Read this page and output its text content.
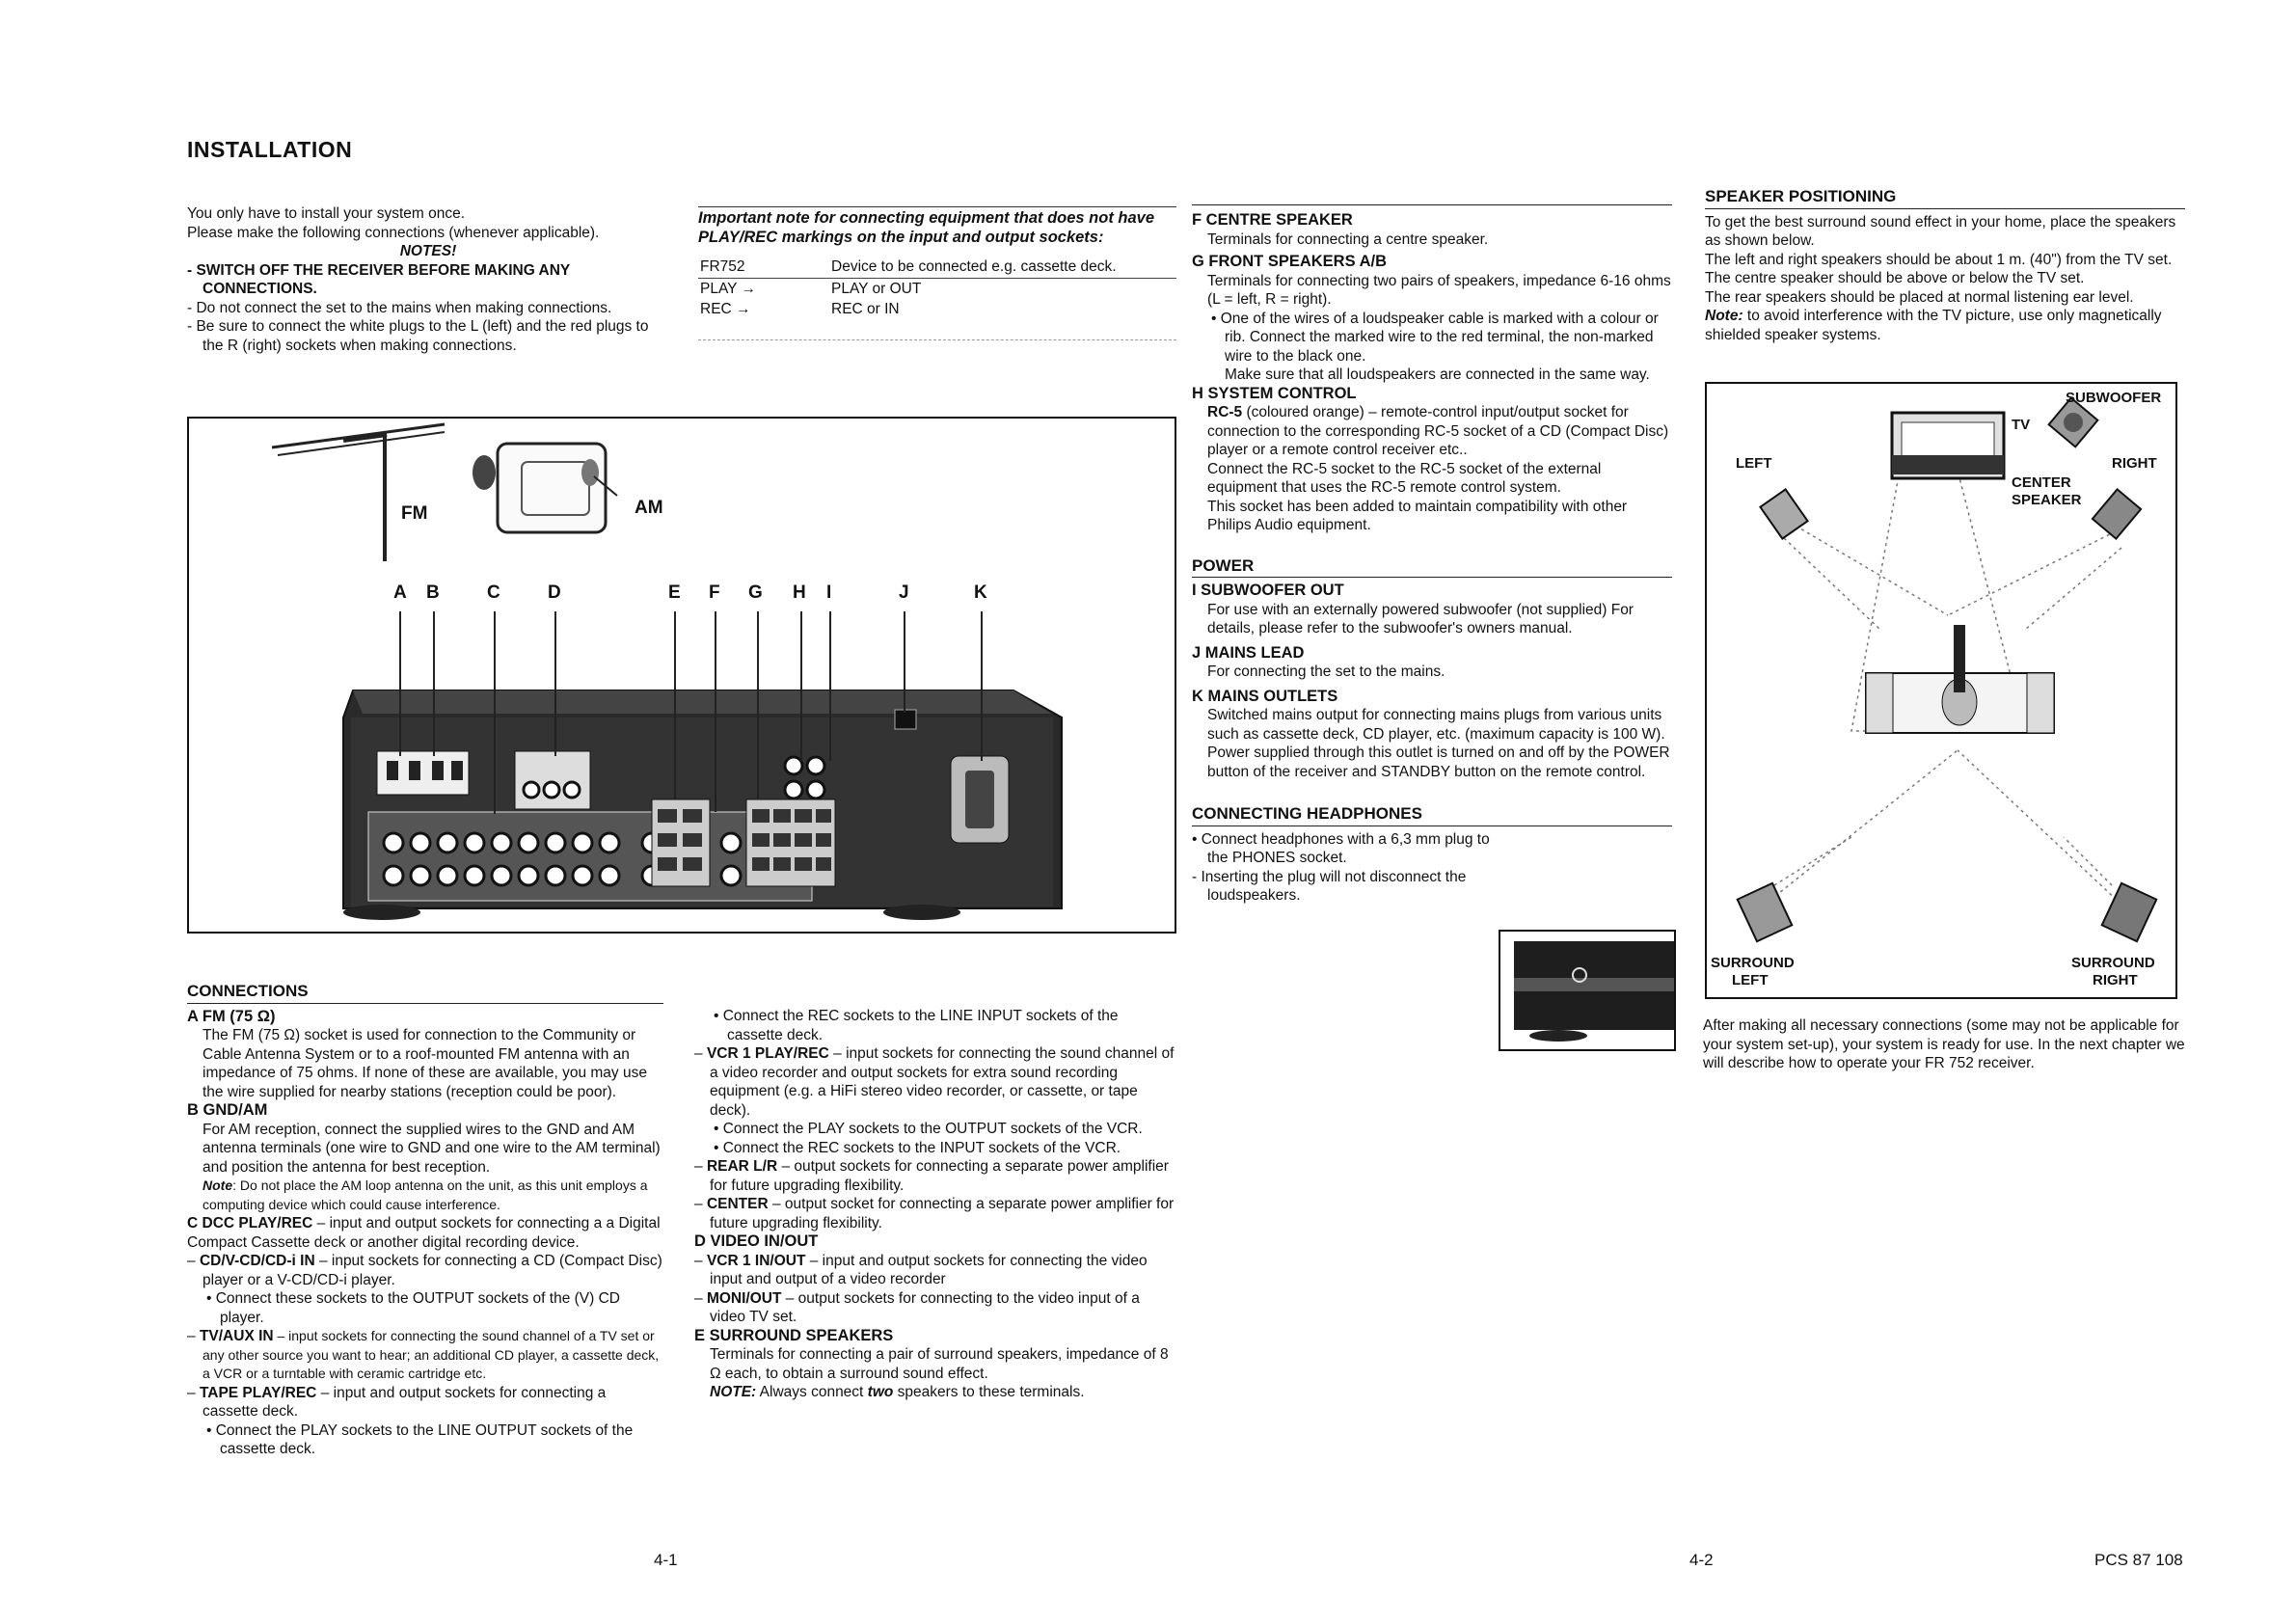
INSTALLATION

You only have to install your system once.

Please make the following connections (whenever applicable).

NOTES!

- SWITCH OFF THE RECEIVER BEFORE MAKING ANY CONNECTIONS.

- Do not connect the set to the mains when making connections.

- Be sure to connect the white plugs to the L (left) and the red plugs to the R (right) sockets when making connections.

Important note for connecting equipment that does not have PLAY/REC markings on the input and output sockets:
FR752	Device to be connected e.g. cassette deck.
PLAY →	PLAY or OUT
REC →	REC or IN
FM	AM
A B	C	D	E F G H I	J	K
CONNECTIONS

A FM (75 Ω)

The FM (75 Ω) socket is used for connection to the Community or Cable Antenna System or to a roof-mounted FM antenna with an impedance of 75 ohms. If none of these are available, you may use the wire supplied for nearby stations (reception could be poor).

B GND/AM

For AM reception, connect the supplied wires to the GND and AM antenna terminals (one wire to GND and one wire to the AM terminal) and position the antenna for best reception.

Note: Do not place the AM loop antenna on the unit, as this unit employs a computing device which could cause interference.

C DCC PLAY/REC – input and output sockets for connecting a a Digital Compact Cassette deck or another digital recording device.

– CD/V-CD/CD-i IN – input sockets for connecting a CD (Compact Disc) player or a V-CD/CD-i player.

• Connect these sockets to the OUTPUT sockets of the (V) CD player.

– TV/AUX IN – input sockets for connecting the sound channel of a TV set or any other source you want to hear; an additional CD player, a cassette deck, a VCR or a turntable with ceramic cartridge etc.

– TAPE PLAY/REC – input and output sockets for connecting a cassette deck.

• Connect the PLAY sockets to the LINE OUTPUT sockets of the cassette deck.

4-1

• Connect the REC sockets to the LINE INPUT sockets of the cassette deck.

– VCR 1 PLAY/REC – input sockets for connecting the sound channel of a video recorder and output sockets for extra sound recording equipment (e.g. a HiFi stereo video recorder, or cassette, or tape deck).

• Connect the PLAY sockets to the OUTPUT sockets of the VCR.

• Connect the REC sockets to the INPUT sockets of the VCR.

– REAR L/R – output sockets for connecting a separate power amplifier for future upgrading flexibility.

– CENTER – output socket for connecting a separate power amplifier for future upgrading flexibility.

D VIDEO IN/OUT

– VCR 1 IN/OUT – input and output sockets for connecting the video input and output of a video recorder

– MONI/OUT – output sockets for connecting to the video input of a video TV set.

E SURROUND SPEAKERS

Terminals for connecting a pair of surround speakers, impedance of 8 Ω each, to obtain a surround sound effect.

NOTE: Always connect two speakers to these terminals.

F CENTRE SPEAKER

Terminals for connecting a centre speaker.

G FRONT SPEAKERS A/B

Terminals for connecting two pairs of speakers, impedance 6-16 ohms (L = left, R = right).

• One of the wires of a loudspeaker cable is marked with a colour or rib. Connect the marked wire to the red terminal, the non-marked wire to the black one.

Make sure that all loudspeakers are connected in the same way.

H SYSTEM CONTROL

RC-5 (coloured orange) – remote-control input/output socket for connection to the corresponding RC-5 socket of a CD (Compact Disc) player or a remote control receiver etc..

Connect the RC-5 socket to the RC-5 socket of the external equipment that uses the RC-5 remote control system.

This socket has been added to maintain compatibility with other Philips Audio equipment.

POWER

I SUBWOOFER OUT

For use with an externally powered subwoofer (not supplied) For details, please refer to the subwoofer's owners manual.

J MAINS LEAD

For connecting the set to the mains.

K MAINS OUTLETS

Switched mains output for connecting mains plugs from various units such as cassette deck, CD player, etc. (maximum capacity is 100 W).

Power supplied through this outlet is turned on and off by the POWER button of the receiver and STANDBY button on the remote control.

CONNECTING HEADPHONES

• Connect headphones with a 6,3 mm plug to the PHONES socket.

- Inserting the plug will not disconnect the loudspeakers.

SPEAKER POSITIONING

To get the best surround sound effect in your home, place the speakers as shown below.

The left and right speakers should be about 1 m. (40") from the TV set.

The centre speaker should be above or below the TV set.

The rear speakers should be placed at normal listening ear level.

Note: to avoid interference with the TV picture, use only magnetically shielded speaker systems.

SUBWOOFER
TV
LEFT	RIGHT
CENTER
SPEAKER
SURROUND
LEFT
SURROUND
RIGHT
After making all necessary connections (some may not be applicable for your system set-up), your system is ready for use. In the next chapter we will describe how to operate your FR 752 receiver.
4-2	PCS 87 108
